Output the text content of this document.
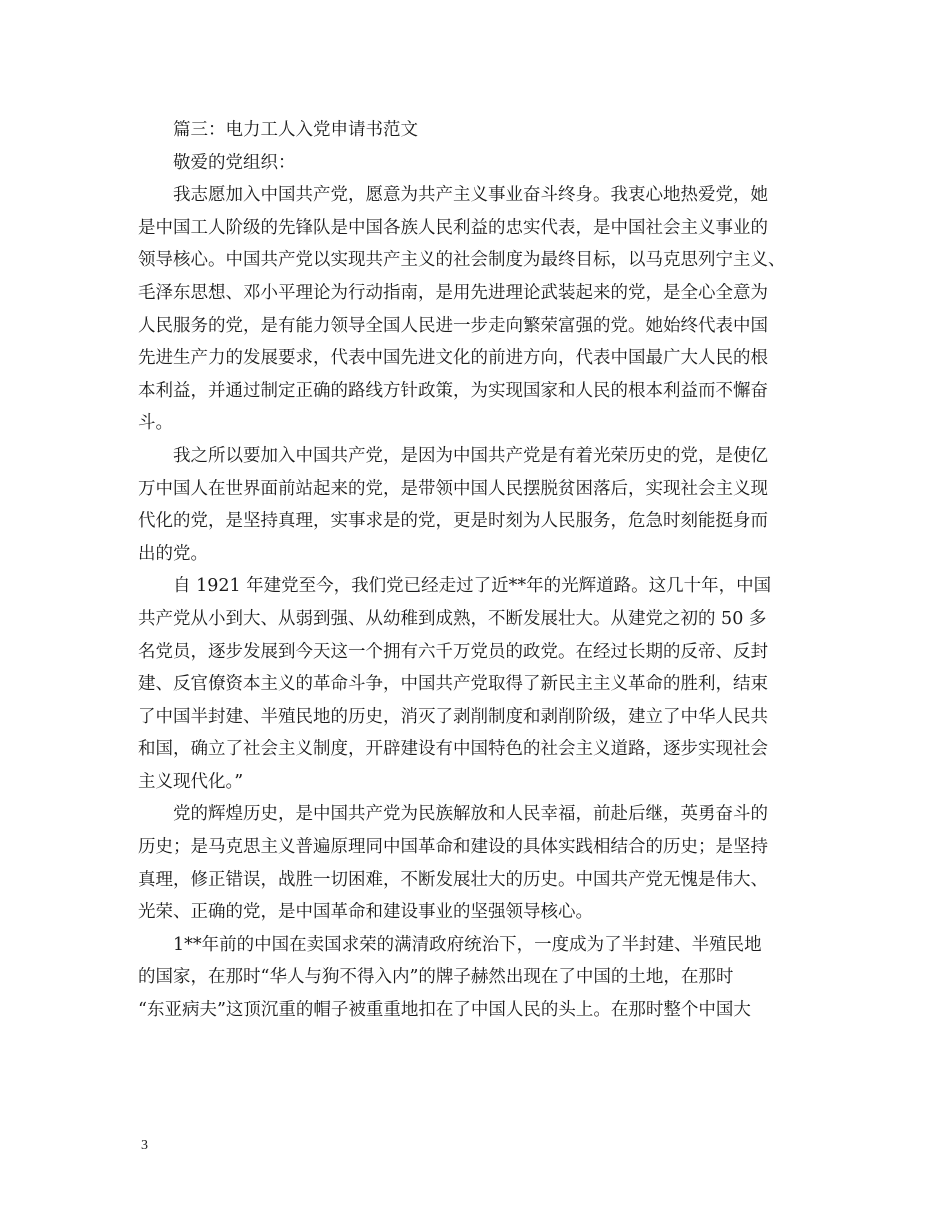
篇三：电力工人入党申请书范文

敬爱的党组织：

我志愿加入中国共产党，愿意为共产主义事业奋斗终身。我衷心地热爱党，她

是中国工人阶级的先锋队是中国各族人民利益的忠实代表，是中国社会主义事业的

领导核心。中国共产党以实现共产主义的社会制度为最终目标，以马克思列宁主义、

毛泽东思想、邓小平理论为行动指南，是用先进理论武装起来的党，是全心全意为

人民服务的党，是有能力领导全国人民进一步走向繁荣富强的党。她始终代表中国

先进生产力的发展要求，代表中国先进文化的前进方向，代表中国最广大人民的根

本利益，并通过制定正确的路线方针政策，为实现国家和人民的根本利益而不懈奋

斗。

我之所以要加入中国共产党，是因为中国共产党是有着光荣历史的党，是使亿

万中国人在世界面前站起来的党，是带领中国人民摆脱贫困落后，实现社会主义现

代化的党，是坚持真理，实事求是的党，更是时刻为人民服务，危急时刻能挺身而

出的党。

自 1921 年建党至今，我们党已经走过了近**年的光辉道路。这几十年，中国

共产党从小到大、从弱到强、从幼稚到成熟，不断发展壮大。从建党之初的 50 多

名党员，逐步发展到今天这一个拥有六千万党员的政党。在经过长期的反帝、反封

建、反官僚资本主义的革命斗争，中国共产党取得了新民主主义革命的胜利，结束

了中国半封建、半殖民地的历史，消灭了剥削制度和剥削阶级，建立了中华人民共

和国，确立了社会主义制度，开辟建设有中国特色的社会主义道路，逐步实现社会

主义现代化。”

党的辉煌历史，是中国共产党为民族解放和人民幸福，前赴后继，英勇奋斗的

历史；是马克思主义普遍原理同中国革命和建设的具体实践相结合的历史；是坚持

真理，修正错误，战胜一切困难，不断发展壮大的历史。中国共产党无愧是伟大、

光荣、正确的党，是中国革命和建设事业的坚强领导核心。

1**年前的中国在卖国求荣的满清政府统治下，一度成为了半封建、半殖民地

的国家，在那时“华人与狗不得入内”的牌子赫然出现在了中国的土地，在那时

“东亚病夫”这顶沉重的帽子被重重地扣在了中国人民的头上。在那时整个中国大

3
